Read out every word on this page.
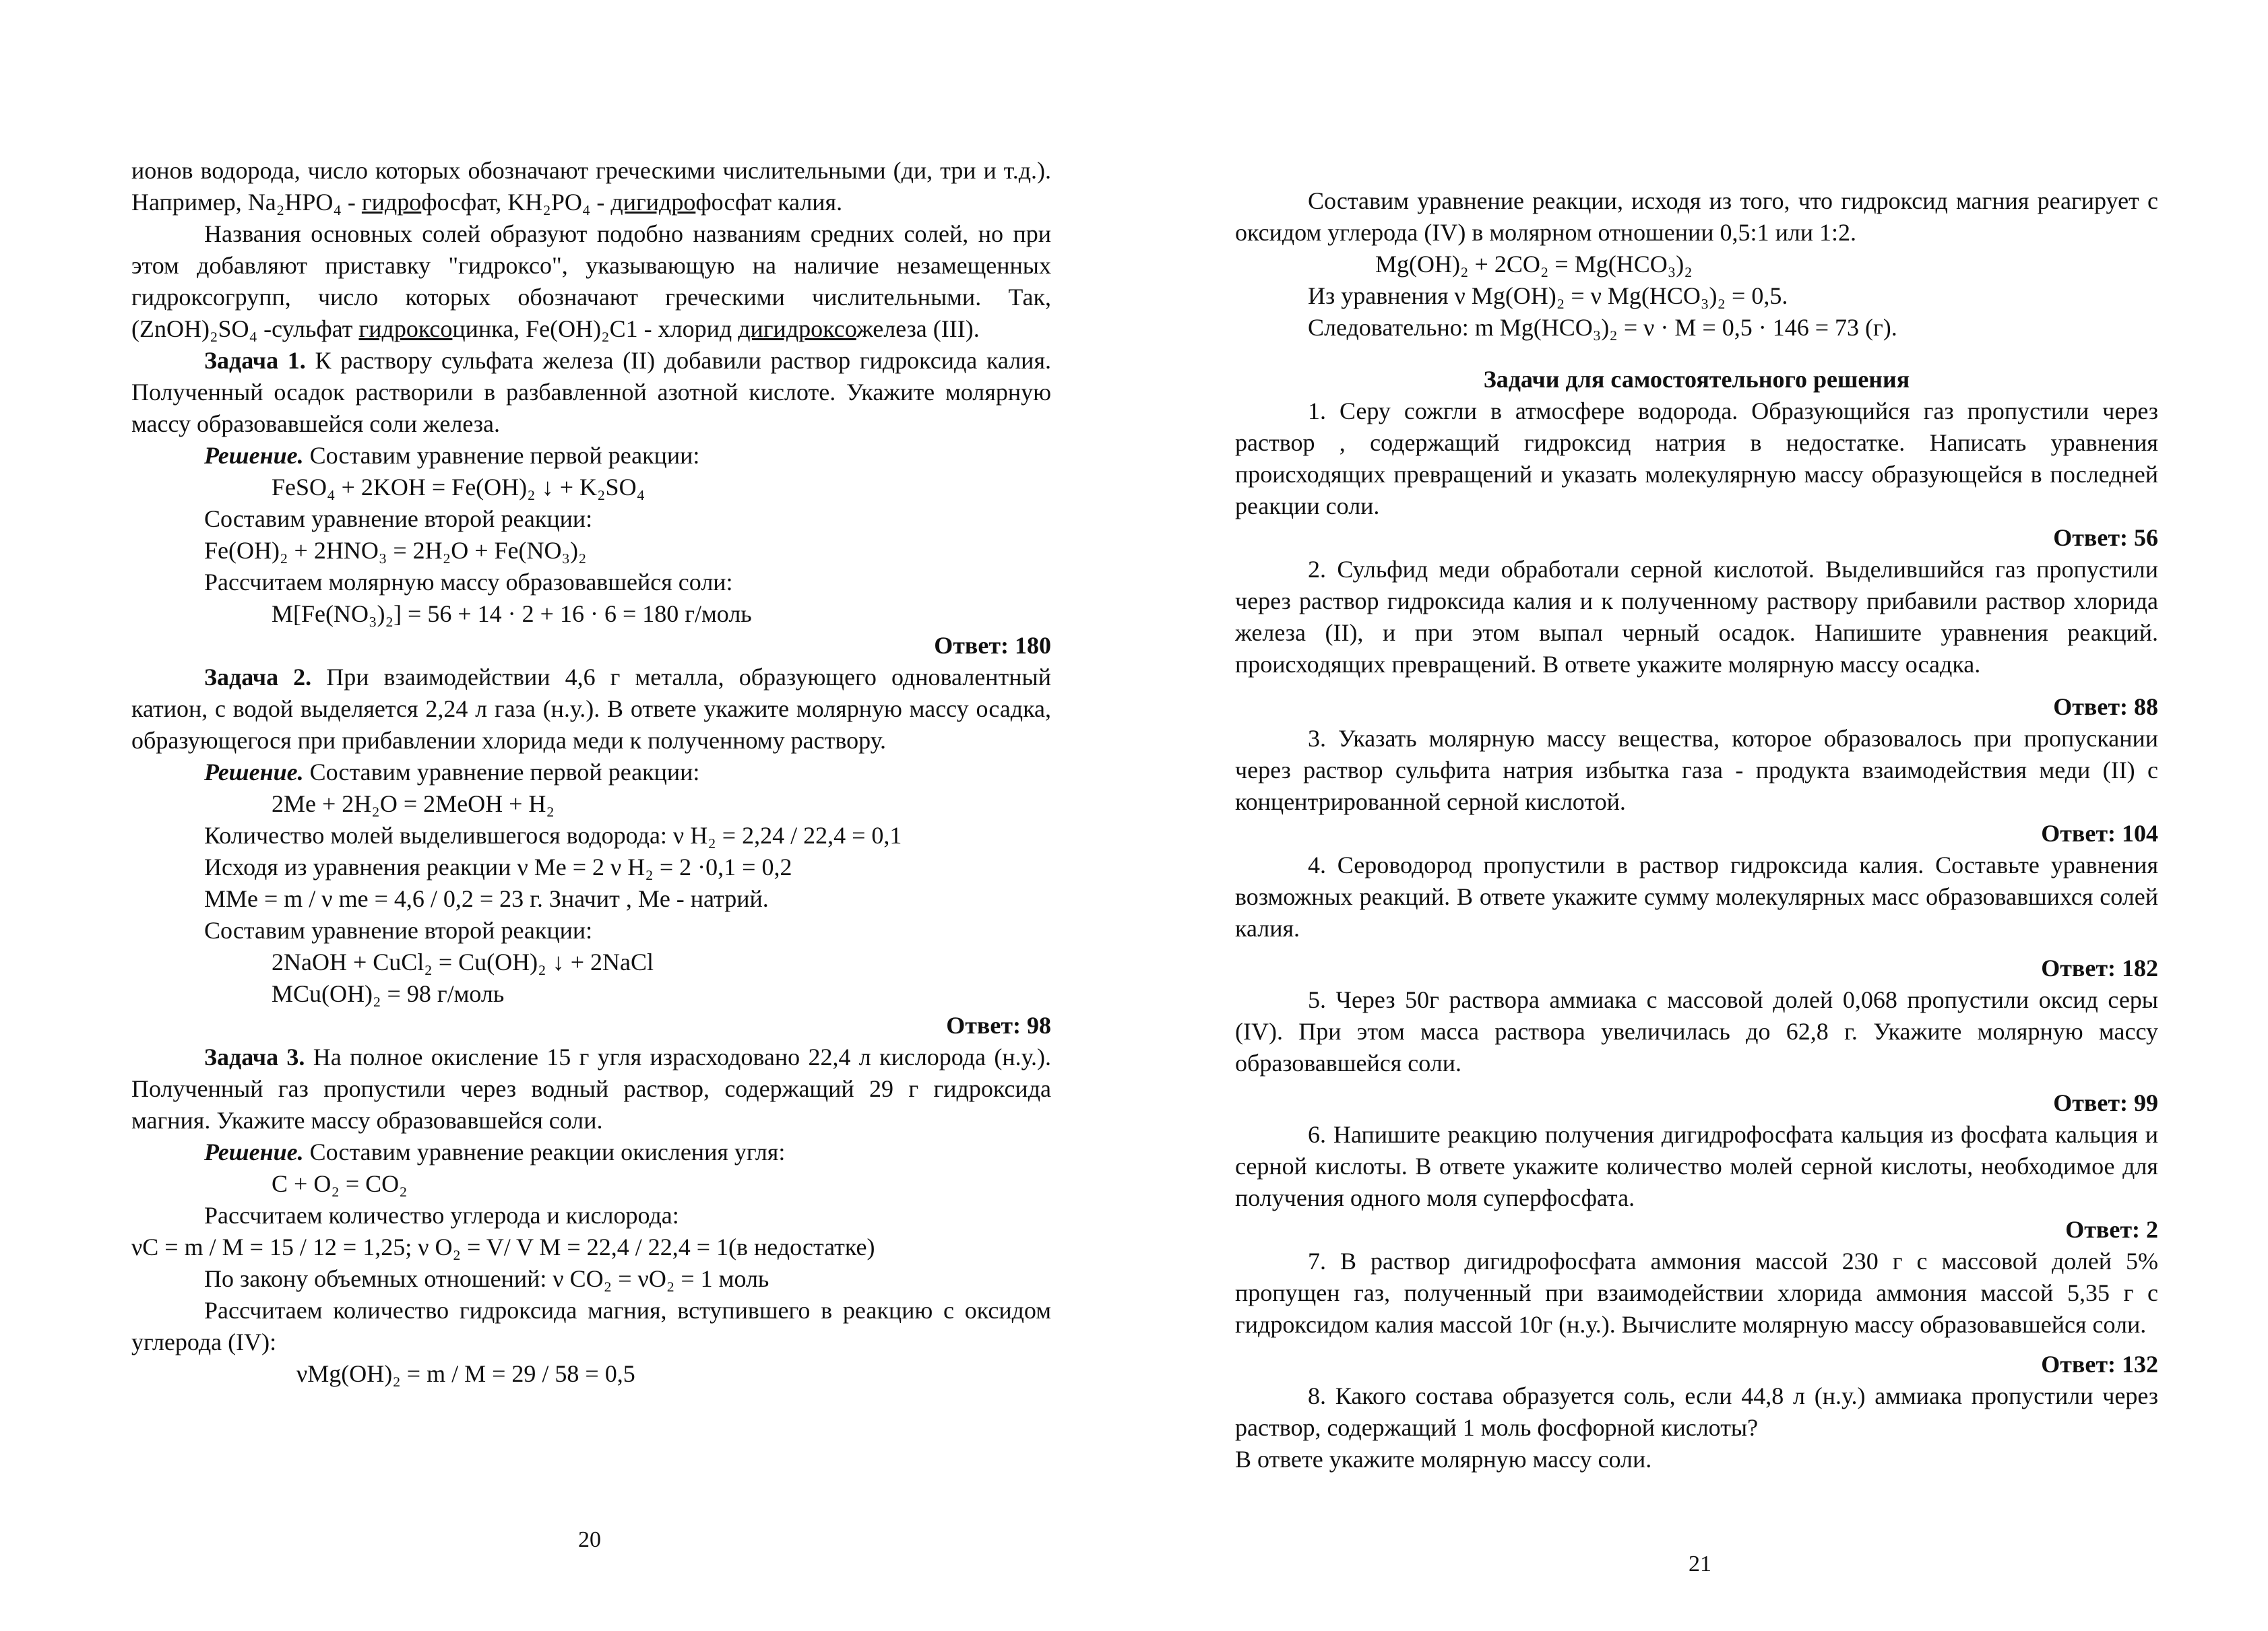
ионов водорода, число которых обозначают греческими числительными (ди, три и т.д.). Например, Na₂HPO₄ - гидрофосфат, KH₂PO₄ - дигидрофосфат калия.

Названия основных солей образуют подобно названиям средних солей, но при этом добавляют приставку "гидроксо", указывающую на наличие незамещенных гидроксогрупп, число которых обозначают греческими числительными. Так, (ZnOH)₂SO₄ -сульфат гидроксоцинка, Fe(OH)₂C1 - хлорид дигидроксожелеза (III).

Задача 1. К раствору сульфата железа (II) добавили раствор гидроксида калия. Полученный осадок растворили в разбавленной азотной кислоте. Укажите молярную массу образовавшейся соли железа.

Решение. Составим уравнение первой реакции:

FeSO₄ + 2KOH = Fe(OH)₂ ↓ + K₂SO₄

Составим уравнение второй реакции:

Fe(OH)₂ + 2HNO₃ = 2H₂O + Fe(NO₃)₂

Рассчитаем молярную массу образовавшейся соли:

M[Fe(NO₃)₂] = 56 + 14 · 2 + 16 · 6 = 180 г/моль

Ответ: 180

Задача 2. При взаимодействии 4,6 г металла, образующего одновалентный катион, с водой выделяется 2,24 л газа (н.у.). В ответе укажите молярную массу осадка, образующегося при прибавлении хлорида меди к полученному раствору.

Решение. Составим уравнение первой реакции:

2Me + 2H₂O = 2MeOH + H₂

Количество молей выделившегося водорода: ν H₂ = 2,24 / 22,4 = 0,1

Исходя из уравнения реакции ν Me = 2 ν H₂ = 2 ·0,1 = 0,2

MMe = m / ν me = 4,6 / 0,2 = 23 г. Значит , Me - натрий.

Составим уравнение второй реакции:

2NaOH + CuCl₂ = Cu(OH)₂ ↓ + 2NaCl

MCu(OH)₂ = 98 г/моль

Ответ: 98

Задача 3. На полное окисление 15 г угля израсходовано 22,4 л кислорода (н.у.). Полученный газ пропустили через водный раствор, содержащий 29 г гидроксида магния. Укажите массу образовавшейся соли.

Решение. Составим уравнение реакции окисления угля:

C + O₂ = CO₂

Рассчитаем количество углерода и кислорода:

νC = m / M = 15 / 12 = 1,25; ν O₂ = V/ V M = 22,4 / 22,4 = 1(в недостатке)

По закону объемных отношений: ν CO₂ = νO₂ = 1 моль

Рассчитаем количество гидроксида магния, вступившего в реакцию с оксидом углерода (IV):

νMg(OH)₂ = m / M = 29 / 58 = 0,5

20

Составим уравнение реакции, исходя из того, что гидроксид магния реагирует с оксидом углерода (IV) в молярном отношении 0,5:1 или 1:2.

Mg(OH)₂ + 2CO₂ = Mg(HCO₃)₂

Из уравнения ν Mg(OH)₂ = ν Mg(HCO₃)₂ = 0,5.

Следовательно: m Mg(HCO₃)₂ = ν · M = 0,5 · 146 = 73 (г).

Задачи для самостоятельного решения

1. Серу сожгли в атмосфере водорода. Образующийся газ пропустили через раствор , содержащий гидроксид натрия в недостатке. Написать уравнения происходящих превращений и указать молекулярную массу образующейся в последней реакции соли.

Ответ: 56

2. Сульфид меди обработали серной кислотой. Выделившийся газ пропустили через раствор гидроксида калия и к полученному раствору прибавили раствор хлорида железа (II), и при этом выпал черный осадок. Напишите уравнения реакций. происходящих превращений. В ответе укажите молярную массу осадка.

Ответ: 88

3. Указать молярную массу вещества, которое образовалось при пропускании через раствор сульфита натрия избытка газа - продукта взаимодействия меди (II) с концентрированной серной кислотой.

Ответ: 104

4. Сероводород пропустили в раствор гидроксида калия. Составьте уравнения возможных реакций. В ответе укажите сумму молекулярных масс образовавшихся солей калия.

Ответ: 182

5. Через 50г раствора аммиака с массовой долей 0,068 пропустили оксид серы (IV). При этом масса раствора увеличилась до 62,8 г. Укажите молярную массу образовавшейся соли.

Ответ: 99

6. Напишите реакцию получения дигидрофосфата кальция из фосфата кальция и серной кислоты. В ответе укажите количество молей серной кислоты, необходимое для получения одного моля суперфосфата.

Ответ: 2

7. В раствор дигидрофосфата аммония массой 230 г с массовой долей 5% пропущен газ, полученный при взаимодействии хлорида аммония массой 5,35 г с гидроксидом калия массой 10г (н.у.). Вычислите молярную массу образовавшейся соли.

Ответ: 132

8. Какого состава образуется соль, если 44,8 л (н.у.) аммиака пропустили через раствор, содержащий 1 моль фосфорной кислоты?

В ответе укажите молярную массу соли.

21
